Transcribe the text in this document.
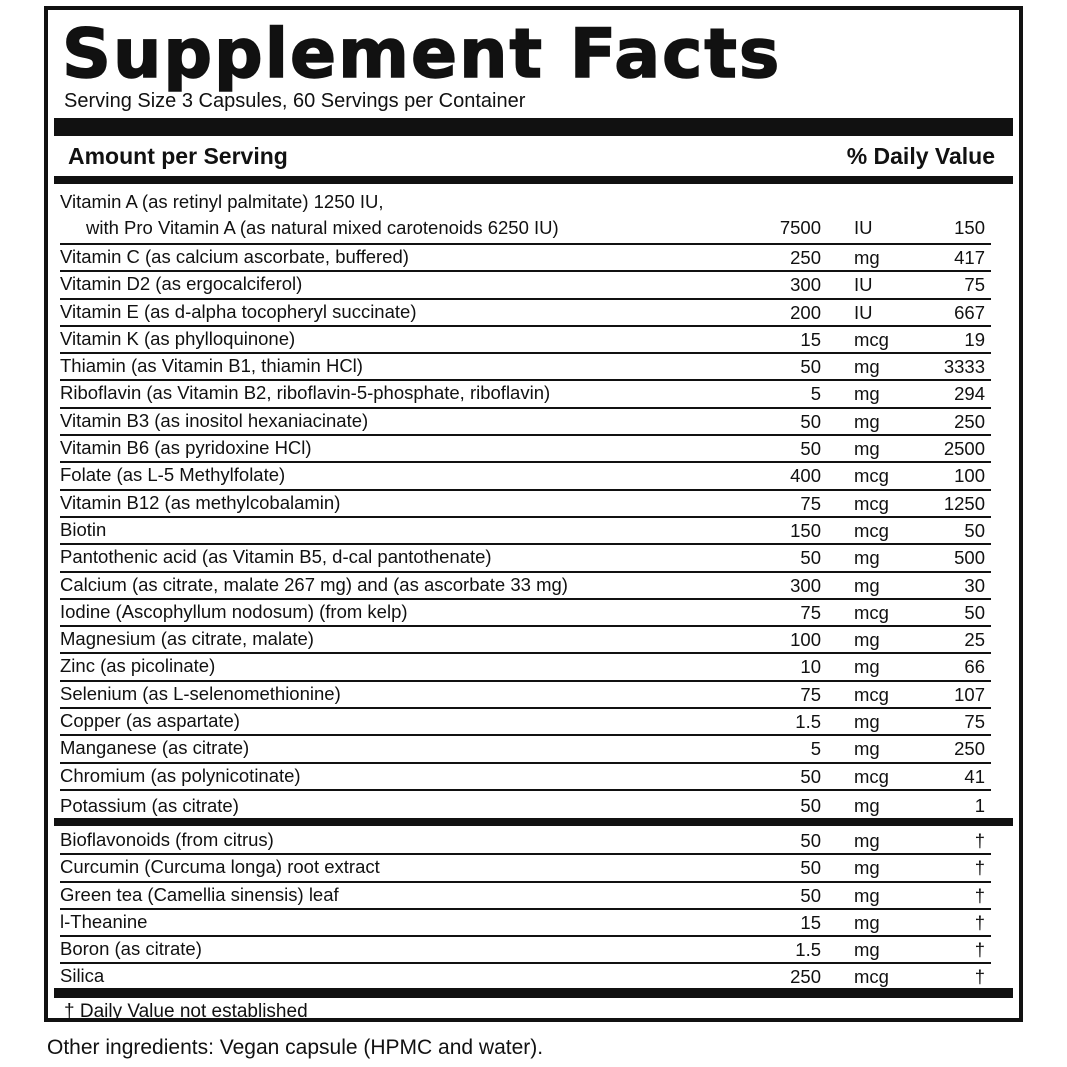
Supplement Facts
Serving Size 3 Capsules, 60 Servings per Container
Amount per Serving	% Daily Value
Vitamin A (as retinyl palmitate) 1250 IU,
with Pro Vitamin A (as natural mixed carotenoids 6250 IU)	7500 IU	150
Vitamin C (as calcium ascorbate, buffered)	250 mg	417
Vitamin D2 (as ergocalciferol)	300 IU	75
Vitamin E (as d-alpha tocopheryl succinate)	200 IU	667
Vitamin K (as phylloquinone)	15 mcg	19
Thiamin (as Vitamin B1, thiamin HCl)	50 mg	3333
Riboflavin (as Vitamin B2, riboflavin-5-phosphate, riboflavin)	5 mg	294
Vitamin B3 (as inositol hexaniacinate)	50 mg	250
Vitamin B6 (as pyridoxine HCl)	50 mg	2500
Folate (as L-5 Methylfolate)	400 mcg	100
Vitamin B12 (as methylcobalamin)	75 mcg	1250
Biotin	150 mcg	50
Pantothenic acid (as Vitamin B5, d-cal pantothenate)	50 mg	500
Calcium (as citrate, malate 267 mg) and (as ascorbate 33 mg)	300 mg	30
Iodine (Ascophyllum nodosum) (from kelp)	75 mcg	50
Magnesium (as citrate, malate)	100 mg	25
Zinc (as picolinate)	10 mg	66
Selenium (as L-selenomethionine)	75 mcg	107
Copper (as aspartate)	1.5 mg	75
Manganese (as citrate)	5 mg	250
Chromium (as polynicotinate)	50 mcg	41
Potassium (as citrate)	50 mg	1
Bioflavonoids (from citrus)	50 mg	†
Curcumin (Curcuma longa) root extract	50 mg	†
Green tea (Camellia sinensis) leaf	50 mg	†
l-Theanine	15 mg	†
Boron (as citrate)	1.5 mg	†
Silica	250 mcg	†
† Daily Value not established
Other ingredients: Vegan capsule (HPMC and water).
